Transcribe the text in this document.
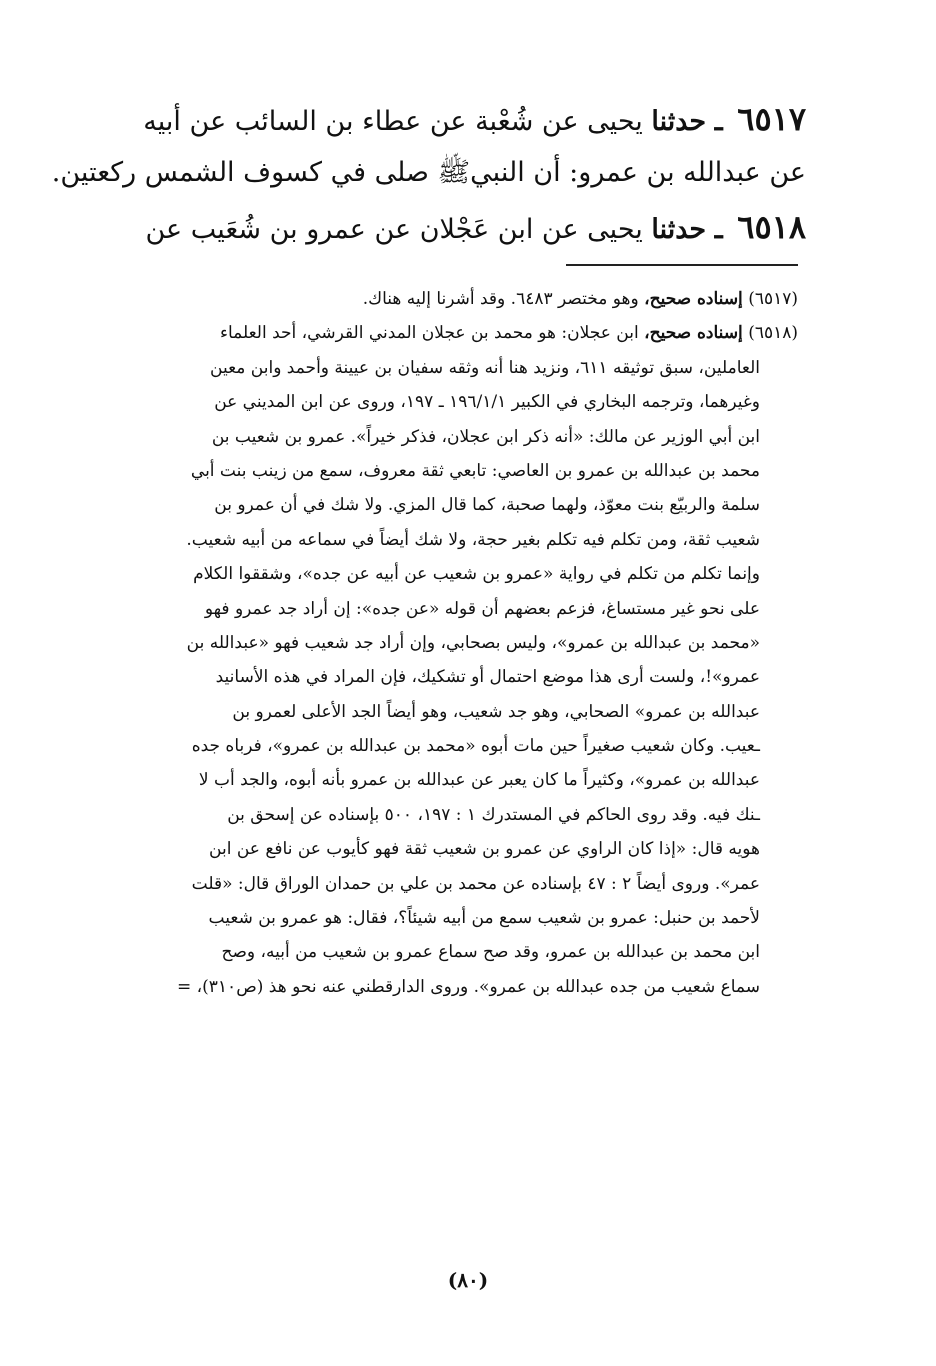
٦٥١٧ ـ حدثنا يحيى عن شُعْبة عن عطاء بن السائب عن أبيه
عن عبدالله بن عمرو: أن النبيﷺ صلى في كسوف الشمس ركعتين.
٦٥١٨ ـ حدثنا يحيى عن ابن عَجْلان عن عمرو بن شُعَيب عن
(٦٥١٧) إسناده صحيح، وهو مختصر ٦٤٨٣. وقد أشرنا إليه هناك.
(٦٥١٨) إسناده صحيح، ابن عجلان: هو محمد بن عجلان المدني القرشي، أحد العلماء
العاملين، سبق توثيقه ٦١١، ونزيد هنا أنه وثقه سفيان بن عيينة وأحمد وابن معين
وغيرهما، وترجمه البخاري في الكبير ١٩٦/١/١ ـ ١٩٧، وروى عن ابن المديني عن
ابن أبي الوزير عن مالك: «أنه ذكر ابن عجلان، فذكر خيراً». عمرو بن شعيب بن
محمد بن عبدالله بن عمرو بن العاصي: تابعي ثقة معروف، سمع من زينب بنت أبي
سلمة والربيّع بنت معوّذ، ولهما صحبة، كما قال المزي. ولا شك في أن عمرو بن
شعيب ثقة، ومن تكلم فيه تكلم بغير حجة، ولا شك أيضاً في سماعه من أبيه شعيب.
وإنما تكلم من تكلم في رواية «عمرو بن شعيب عن أبيه عن جده»، وشققوا الكلام
على نحو غير مستساغ، فزعم بعضهم أن قوله «عن جده»: إن أراد جد عمرو فهو
«محمد بن عبدالله بن عمرو»، وليس بصحابي، وإن أراد جد شعيب فهو «عبدالله بن
عمرو»!، ولست أرى هذا موضع احتمال أو تشكيك، فإن المراد في هذه الأسانيد
عبدالله بن عمرو» الصحابي، وهو جد شعيب، وهو أيضاً الجد الأعلى لعمرو بن
ـعيب. وكان شعيب صغيراً حين مات أبوه «محمد بن عبدالله بن عمرو»، فرباه جده
عبدالله بن عمرو»، وكثيراً ما كان يعبر عن عبدالله بن عمرو بأنه أبوه، والجد أب لا
ـنك فيه. وقد روى الحاكم في المستدرك ١ : ١٩٧، ٥٠٠ بإسناده عن إسحق بن
هويه قال: «إذا كان الراوي عن عمرو بن شعيب ثقة فهو كأيوب عن نافع عن ابن
عمر». وروى أيضاً ٢ : ٤٧ بإسناده عن محمد بن علي بن حمدان الوراق قال: «قلت
لأحمد بن حنبل: عمرو بن شعيب سمع من أبيه شيئاً؟، فقال: هو عمرو بن شعيب
ابن محمد بن عبدالله بن عمرو، وقد صح سماع عمرو بن شعيب من أبيه، وصح
سماع شعيب من جده عبدالله بن عمرو». وروى الدارقطني عنه نحو هذ (ص٣١٠)، =
(٨٠)
